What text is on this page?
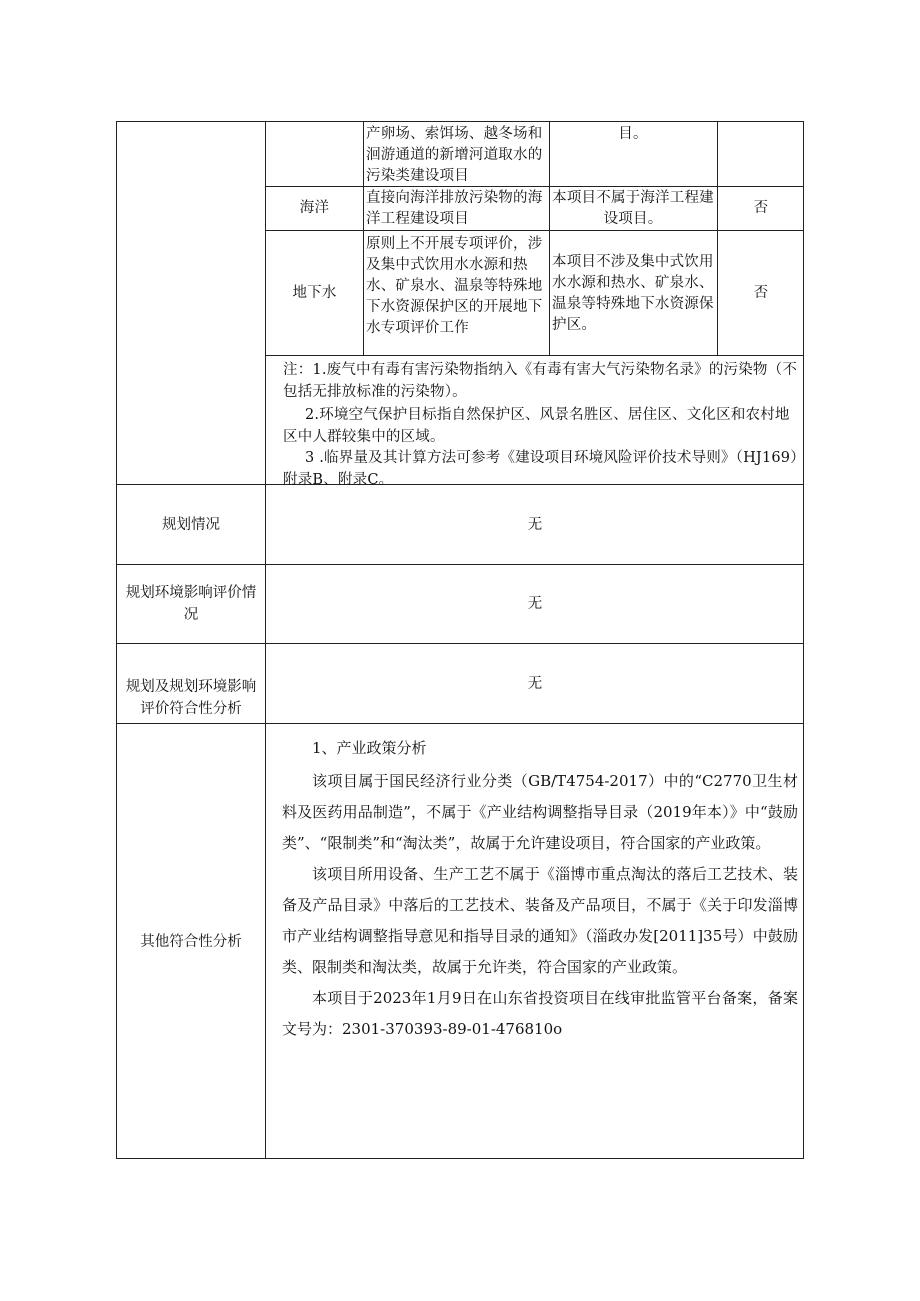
产卵场、索饵场、越冬场和洄游通道的新增河道取水的污染类建设项目
目。
海洋
直接向海洋排放污染物的海洋工程建设项目
本项目不属于海洋工程建设项目。
否
地下水
原则上不开展专项评价，涉及集中式饮用水水源和热水、矿泉水、温泉等特殊地下水资源保护区的开展地下水专项评价工作
本项目不涉及集中式饮用水水源和热水、矿泉水、温泉等特殊地下水资源保护区。
否
注：1.废气中有毒有害污染物指纳入《有毒有害大气污染物名录》的污染物（不包括无排放标准的污染物）。
2.环境空气保护目标指自然保护区、风景名胜区、居住区、文化区和农村地区中人群较集中的区域。
3 .临界量及其计算方法可参考《建设项目环境风险评价技术导则》（HJ169）附录B、附录C。
规划情况	无
规划环境影响评价情况
无
规划及规划环境影响评价符合性分析
无
其他符合性分析
1、产业政策分析

该项目属于国民经济行业分类（GB/T4754-2017）中的“C2770卫生材料及医药用品制造”，不属于《产业结构调整指导目录（2019年本）》中“鼓励类”、“限制类”和“淘汰类”，故属于允许建设项目，符合国家的产业政策。

该项目所用设备、生产工艺不属于《淄博市重点淘汰的落后工艺技术、装备及产品目录》中落后的工艺技术、装备及产品项目，不属于《关于印发淄博市产业结构调整指导意见和指导目录的通知》（淄政办发[2011]35号）中鼓励类、限制类和淘汰类，故属于允许类，符合国家的产业政策。

本项目于2023年1月9日在山东省投资项目在线审批监管平台备案，备案文号为：2301-370393-89-01-476810o
